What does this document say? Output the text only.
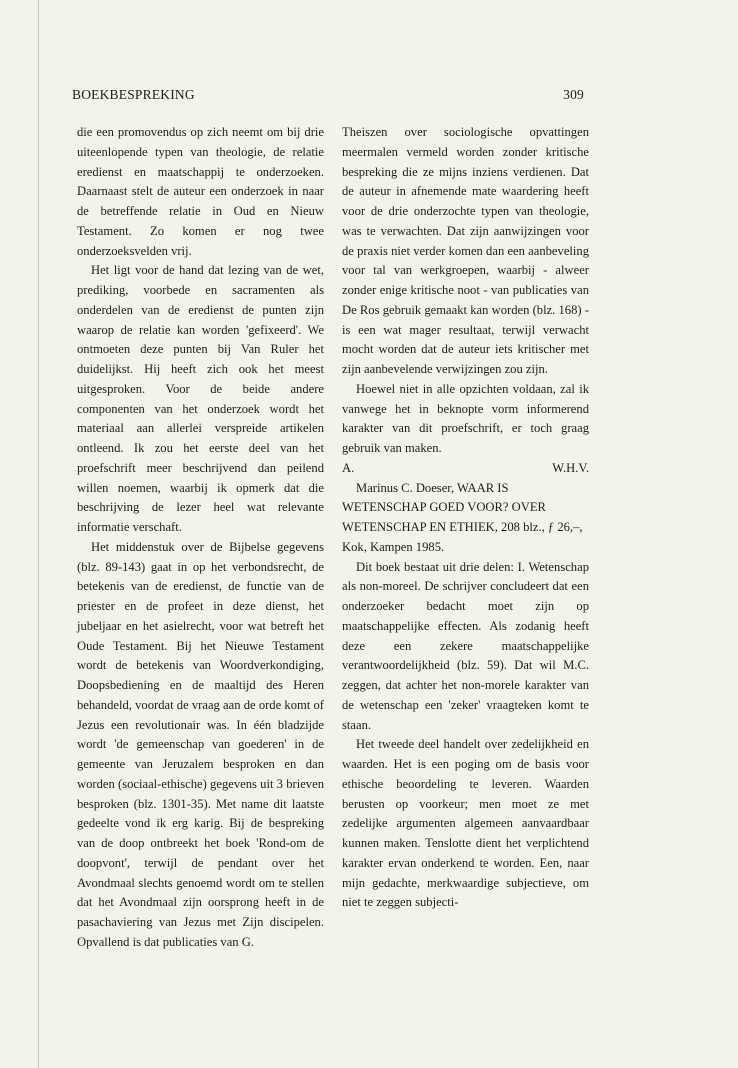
BOEKBESPREKING	309

die een promovendus op zich neemt om bij drie uiteenlopende typen van theologie, de relatie eredienst en maatschappij te onderzoeken. Daarnaast stelt de auteur een onderzoek in naar de betreffende relatie in Oud en Nieuw Testament. Zo komen er nog twee onderzoeksvelden vrij.

Het ligt voor de hand dat lezing van de wet, prediking, voorbede en sacramenten als onderdelen van de eredienst de punten zijn waarop de relatie kan worden 'gefixeerd'. We ontmoeten deze punten bij Van Ruler het duidelijkst. Hij heeft zich ook het meest uitgesproken. Voor de beide andere componenten van het onderzoek wordt het materiaal aan allerlei verspreide artikelen ontleend. Ik zou het eerste deel van het proefschrift meer beschrijvend dan peilend willen noemen, waarbij ik opmerk dat die beschrijving de lezer heel wat relevante informatie verschaft.

Het middenstuk over de Bijbelse gegevens (blz. 89-143) gaat in op het verbondsrecht, de betekenis van de eredienst, de functie van de priester en de profeet in deze dienst, het jubeljaar en het asielrecht, voor wat betreft het Oude Testament. Bij het Nieuwe Testament wordt de betekenis van Woordverkondiging, Doopsbediening en de maaltijd des Heren behandeld, voordat de vraag aan de orde komt of Jezus een revolutionair was. In één bladzijde wordt 'de gemeenschap van goederen' in de gemeente van Jeruzalem besproken en dan worden (sociaal-ethische) gegevens uit 3 brieven besproken (blz. 1301-35). Met name dit laatste gedeelte vond ik erg karig. Bij de bespreking van de doop ontbreekt het boek 'Rond-om de doopvont', terwijl de pendant over het Avondmaal slechts genoemd wordt om te stellen dat het Avondmaal zijn oorsprong heeft in de pasachaviering van Jezus met Zijn discipelen. Opvallend is dat publicaties van G.

Theiszen over sociologische opvattingen meermalen vermeld worden zonder kritische bespreking die ze mijns inziens verdienen. Dat de auteur in afnemende mate waardering heeft voor de drie onderzochte typen van theologie, was te verwachten. Dat zijn aanwijzingen voor de praxis niet verder komen dan een aanbeveling voor tal van werkgroepen, waarbij - alweer zonder enige kritische noot - van publicaties van De Ros gebruik gemaakt kan worden (blz. 168) - is een wat mager resultaat, terwijl verwacht mocht worden dat de auteur iets kritischer met zijn aanbevelende verwijzingen zou zijn.

Hoewel niet in alle opzichten voldaan, zal ik vanwege het in beknopte vorm informerend karakter van dit proefschrift, er toch graag gebruik van maken.

A.	W.H.V.

Marinus C. Doeser, WAAR IS WETENSCHAP GOED VOOR? OVER WETENSCHAP EN ETHIEK, 208 blz., ƒ 26,–, Kok, Kampen 1985.

Dit boek bestaat uit drie delen: I. Wetenschap als non-moreel. De schrijver concludeert dat een onderzoeker bedacht moet zijn op maatschappelijke effecten. Als zodanig heeft deze een zekere maatschappelijke verantwoordelijkheid (blz. 59). Dat wil M.C. zeggen, dat achter het non-morele karakter van de wetenschap een 'zeker' vraagteken komt te staan.

Het tweede deel handelt over zedelijkheid en waarden. Het is een poging om de basis voor ethische beoordeling te leveren. Waarden berusten op voorkeur; men moet ze met zedelijke argumenten algemeen aanvaardbaar kunnen maken. Tenslotte dient het verplichtend karakter ervan onderkend te worden. Een, naar mijn gedachte, merkwaardige subjectieve, om niet te zeggen subjecti-
